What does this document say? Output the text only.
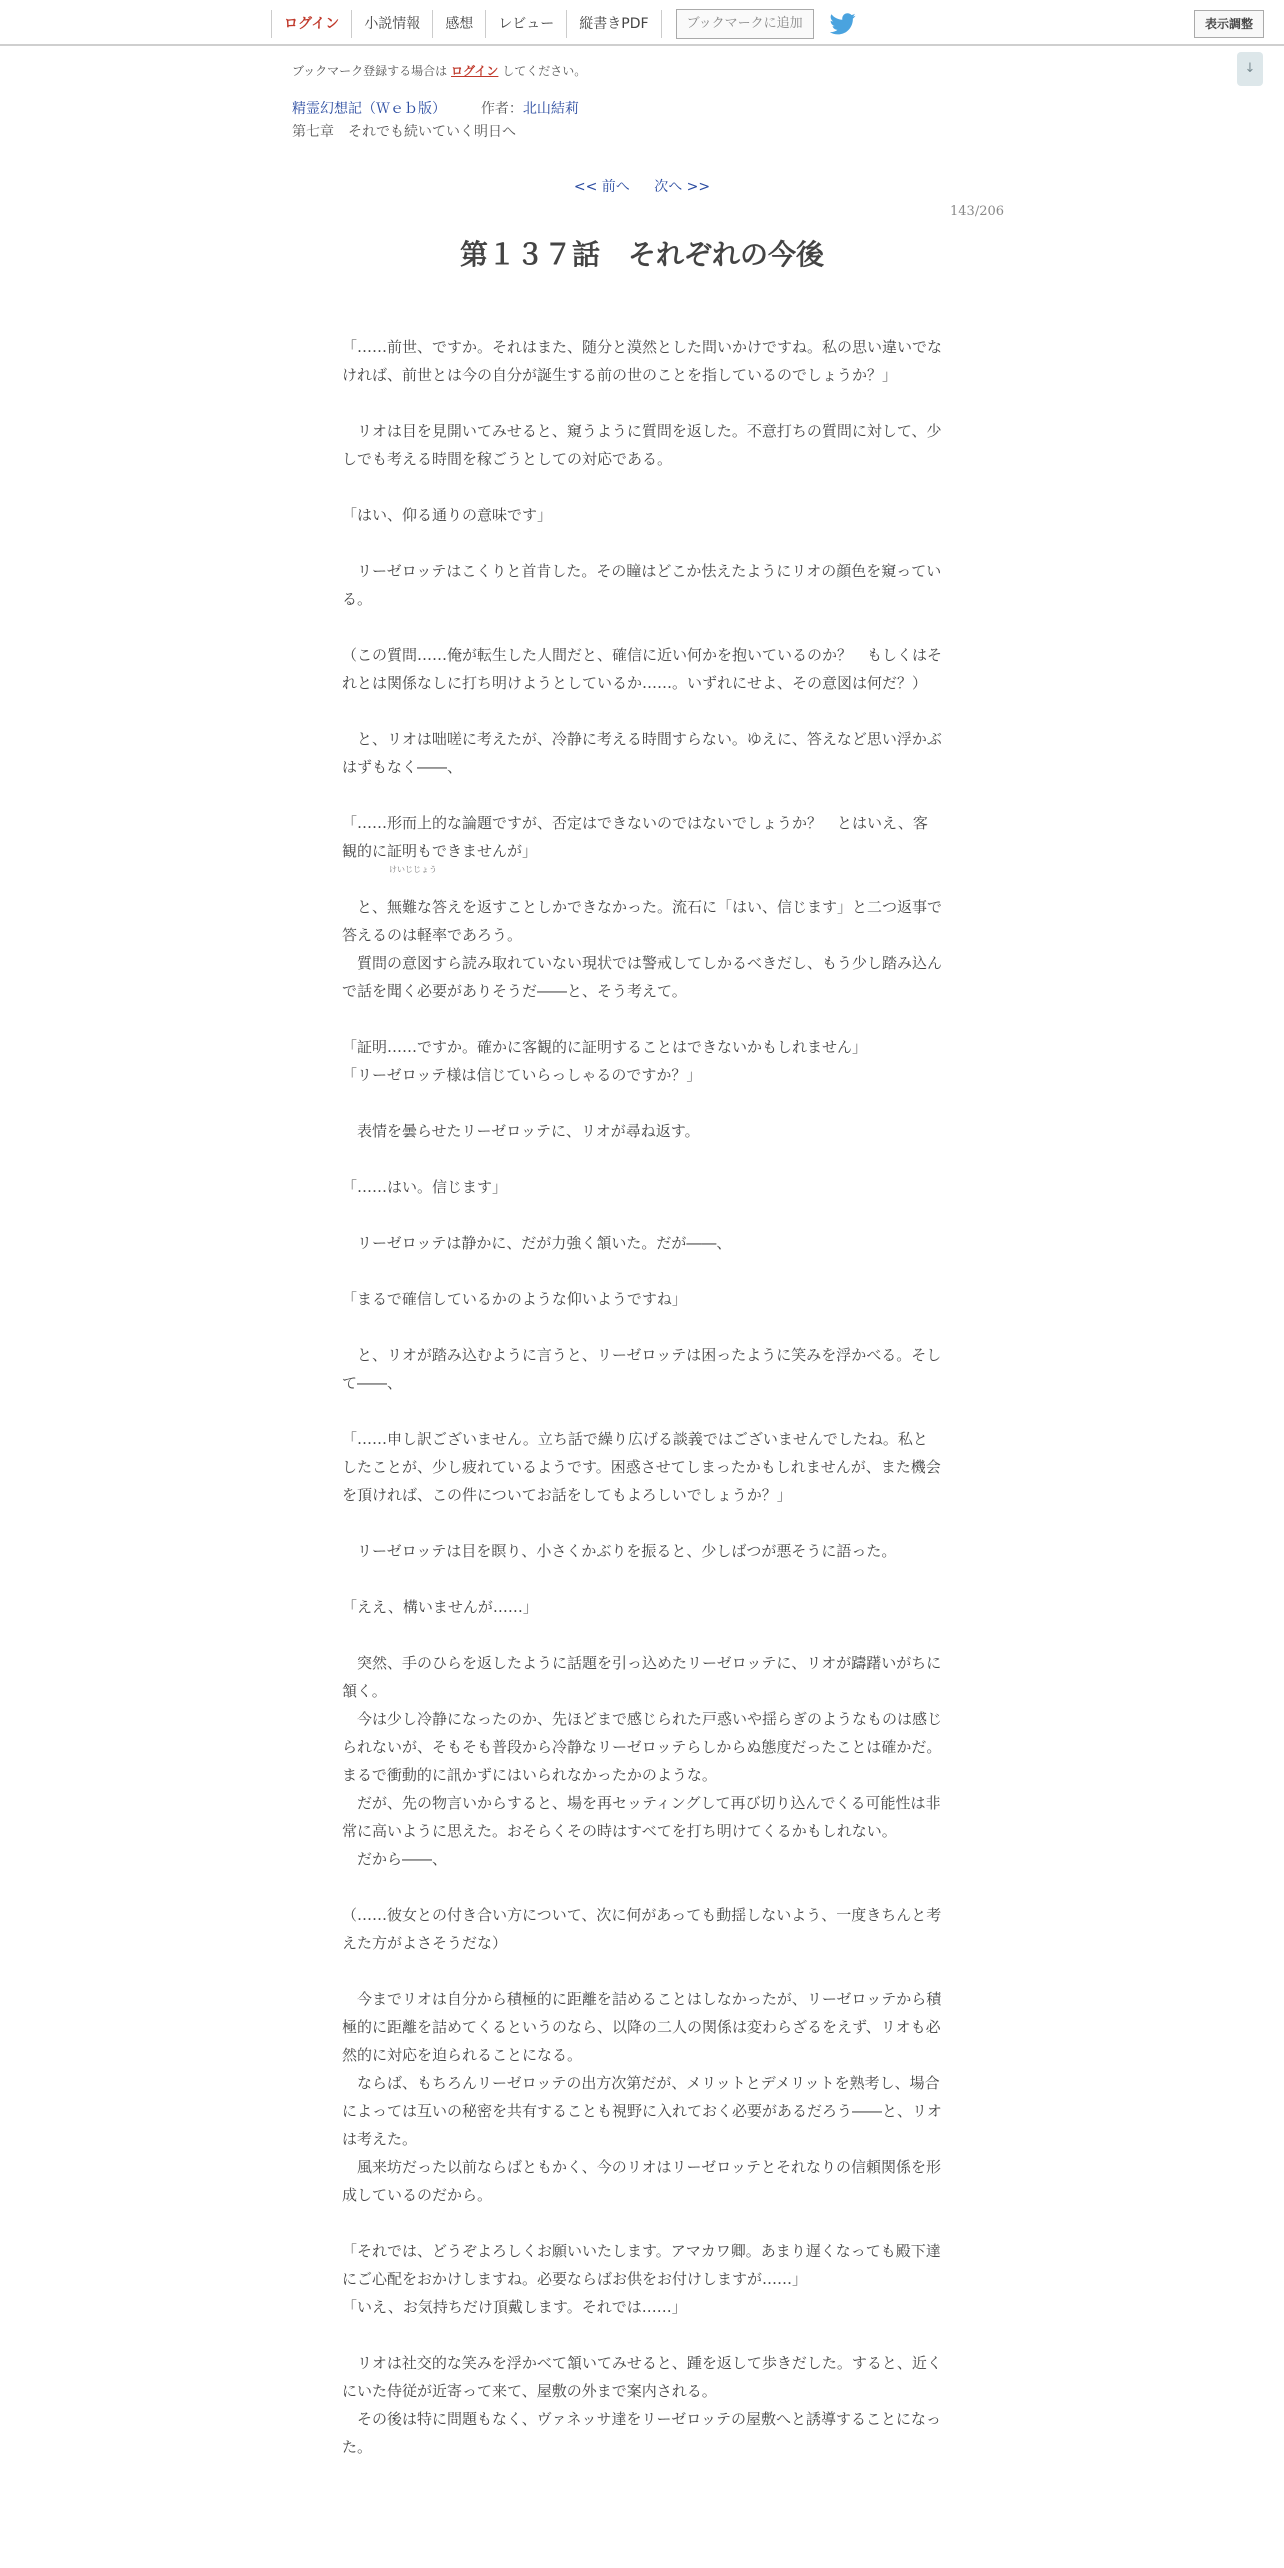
ログイン	小説情報	感想	レビュー	縦書きPDF	ブックマークに追加	表示調整
↓
ブックマーク登録する場合は ログイン してください。
精霊幻想記（Ｗｅｂ版） 作者：北山結莉
第七章　それでも続いていく明日へ
<< 前へ 次へ >>
143/206
第１３７話　それぞれの今後
けいじじょう

「……前世、ですか。それはまた、随分と漠然とした問いかけですね。私の思い違いでなければ、前世とは今の自分が誕生する前の世のことを指しているのでしょうか？」

　リオは目を見開いてみせると、窺うように質問を返した。不意打ちの質問に対して、少しでも考える時間を稼ごうとしての対応である。

「はい、仰る通りの意味です」

　リーゼロッテはこくりと首肯した。その瞳はどこか怯えたようにリオの顔色を窺っている。

（この質問……俺が転生した人間だと、確信に近い何かを抱いているのか？　もしくはそれとは関係なしに打ち明けようとしているか……。いずれにせよ、その意図は何だ？）

　と、リオは咄嗟に考えたが、冷静に考える時間すらない。ゆえに、答えなど思い浮かぶはずもなく――、

「……形而上的な論題ですが、否定はできないのではないでしょうか？　とはいえ、客観的に証明もできませんが」

　と、無難な答えを返すことしかできなかった。流石に「はい、信じます」と二つ返事で答えるのは軽率であろう。

　質問の意図すら読み取れていない現状では警戒してしかるべきだし、もう少し踏み込んで話を聞く必要がありそうだ――と、そう考えて。

「証明……ですか。確かに客観的に証明することはできないかもしれません」

「リーゼロッテ様は信じていらっしゃるのですか？」

　表情を曇らせたリーゼロッテに、リオが尋ね返す。

「……はい。信じます」

　リーゼロッテは静かに、だが力強く頷いた。だが――、

「まるで確信しているかのような仰いようですね」

　と、リオが踏み込むように言うと、リーゼロッテは困ったように笑みを浮かべる。そして――、

「……申し訳ございません。立ち話で繰り広げる談義ではございませんでしたね。私としたことが、少し疲れているようです。困惑させてしまったかもしれませんが、また機会を頂ければ、この件についてお話をしてもよろしいでしょうか？」

　リーゼロッテは目を瞑り、小さくかぶりを振ると、少しばつが悪そうに語った。

「ええ、構いませんが……」

　突然、手のひらを返したように話題を引っ込めたリーゼロッテに、リオが躊躇いがちに頷く。

　今は少し冷静になったのか、先ほどまで感じられた戸惑いや揺らぎのようなものは感じられないが、そもそも普段から冷静なリーゼロッテらしからぬ態度だったことは確かだ。まるで衝動的に訊かずにはいられなかったかのような。

　だが、先の物言いからすると、場を再セッティングして再び切り込んでくる可能性は非常に高いように思えた。おそらくその時はすべてを打ち明けてくるかもしれない。

　だから――、

（……彼女との付き合い方について、次に何があっても動揺しないよう、一度きちんと考えた方がよさそうだな）

　今までリオは自分から積極的に距離を詰めることはしなかったが、リーゼロッテから積極的に距離を詰めてくるというのなら、以降の二人の関係は変わらざるをえず、リオも必然的に対応を迫られることになる。

　ならば、もちろんリーゼロッテの出方次第だが、メリットとデメリットを熟考し、場合によっては互いの秘密を共有することも視野に入れておく必要があるだろう――と、リオは考えた。

　風来坊だった以前ならばともかく、今のリオはリーゼロッテとそれなりの信頼関係を形成しているのだから。

「それでは、どうぞよろしくお願いいたします。アマカワ卿。あまり遅くなっても殿下達にご心配をおかけしますね。必要ならばお供をお付けしますが……」

「いえ、お気持ちだけ頂戴します。それでは……」

　リオは社交的な笑みを浮かべて頷いてみせると、踵を返して歩きだした。すると、近くにいた侍従が近寄って来て、屋敷の外まで案内される。

　その後は特に問題もなく、ヴァネッサ達をリーゼロッテの屋敷へと誘導することになった。
